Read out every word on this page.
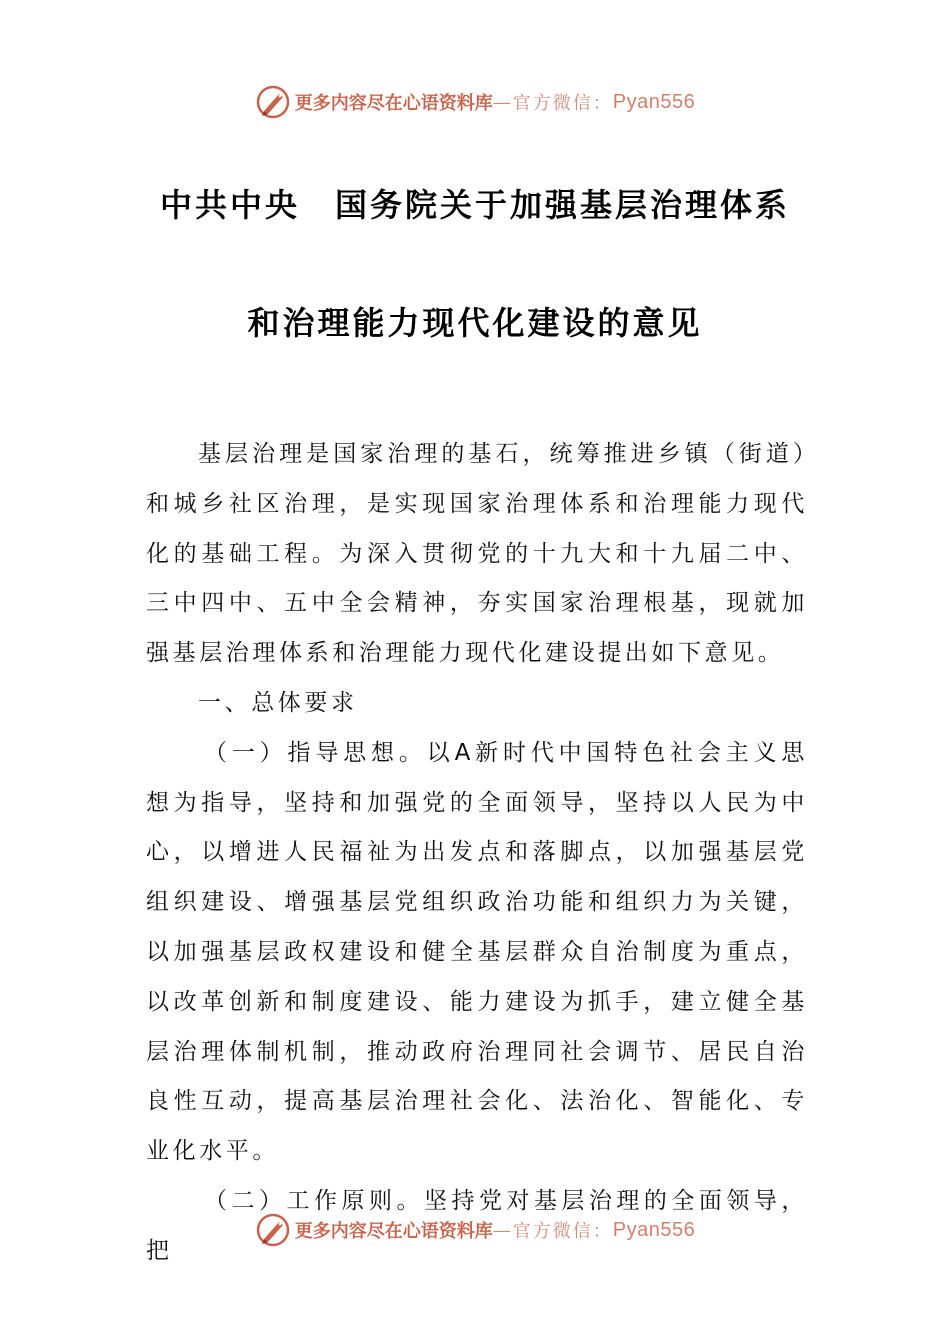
更多内容尽在心语资料库 — 官方微信： Pyan556
中共中央　国务院关于加强基层治理体系
和治理能力现代化建设的意见

基层治理是国家治理的基石，统筹推进乡镇（街道）和城乡社区治理，是实现国家治理体系和治理能力现代化的基础工程。为深入贯彻党的十九大和十九届二中、三中四中、五中全会精神，夯实国家治理根基，现就加强基层治理体系和治理能力现代化建设提出如下意见。

一、总体要求

（一）指导思想。以A新时代中国特色社会主义思想为指导，坚持和加强党的全面领导，坚持以人民为中心，以增进人民福祉为出发点和落脚点，以加强基层党组织建设、增强基层党组织政治功能和组织力为关键，以加强基层政权建设和健全基层群众自治制度为重点，以改革创新和制度建设、能力建设为抓手，建立健全基层治理体制机制，推动政府治理同社会调节、居民自治良性互动，提高基层治理社会化、法治化、智能化、专业化水平。

（二）工作原则。坚持党对基层治理的全面领导，把

更多内容尽在心语资料库 — 官方微信： Pyan556
